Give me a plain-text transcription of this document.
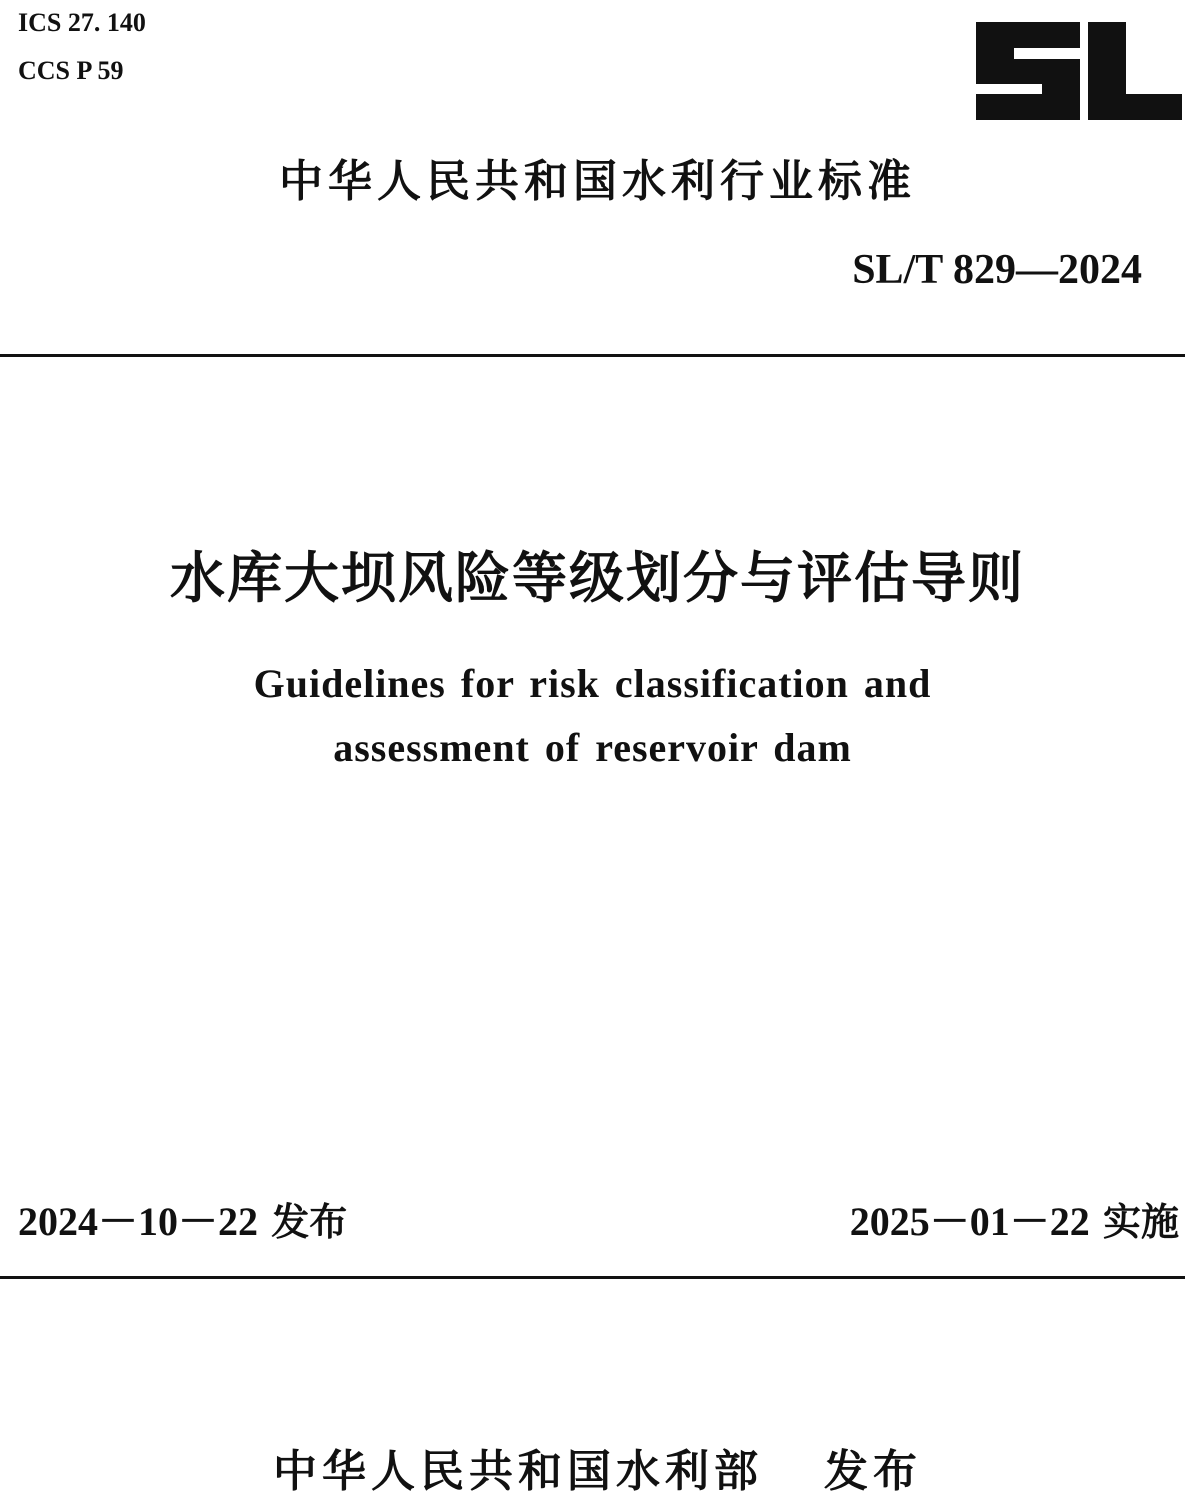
ICS 27. 140
CCS P 59
中华人民共和国水利行业标准
SL/T 829—2024
水库大坝风险等级划分与评估导则
Guidelines for risk classification and
assessment of reservoir dam
2024－10－22 发布	2025－01－22 实施
中华人民共和国水利部   发布
